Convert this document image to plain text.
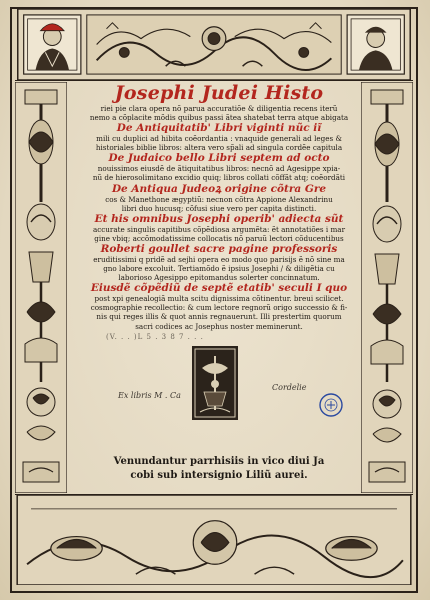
Josephi Judei Histo
riei pie clara opera nõ parua accuratiõe & diligentia recens iterũ
nemo a cõplacite mõdis quibus passi ãtea shatebat terra atque abigata
De Antiquitatib' Libri viginti nũc iĩ
mili cu duplici ad hibita coẽordantia : vnaquide generali ad leges &
historiales biblie libros: altera vero sp̃ali ad singula cordẽe capitula
De Judaico bello Libri septem ad octo
nouissimos eiusdẽ de ãtiquitatibus libros: necnõ ad Agesippe xpia-
nũ de hierosolimitano excidio quiq; libros collati cõffãt atq; coẽordãti
De Antiqua Judeoꝝ origine cõtra Gre
cos & Manethone ægyptiũ: necnon cõtra Appione Alexandrinu
libri duo hucusq; cõfusi siue vero per capita distincti.
Et his omnibus Josephi operib' adiecta sũt
accurate singulis capitibus cõpẽdiosa argumẽta: ẽt annotatiões i mar
gine vbiq; accõmodatissime collocatis nõ paruũ lectori cõducentibus
Roberti goullet sacre pagine professoris
eruditissimi q pridẽ ad sejhi opera eo modo quo parisijs ẽ nõ sine ma
gno labore excoluit. Tertiamõdo ẽ ipsius Josephi / & diligẽtia cu
laborioso Agesippo epitomandus solerter concinnatum.
Eiusdẽ cõpẽdiũ de septẽ etatib' seculi I quo
post xpi genealogiã multa scitu dignissima cõtinentur. breui scilicet.
cosmographie recollectio: & cum lectore regnorũ origo successio & fi-
nis qui reges illis & quot annis regnauerunt. Illi prestertim quorum
sacri codices ac Josephus noster meminerunt.
(V. . . )L 5 . 3 8 7 . . .
Ex libris M . Ca
Cordelie
Venundantur parrhisiis in vico diui Ja
cobi sub intersignio Liliũ aurei.
